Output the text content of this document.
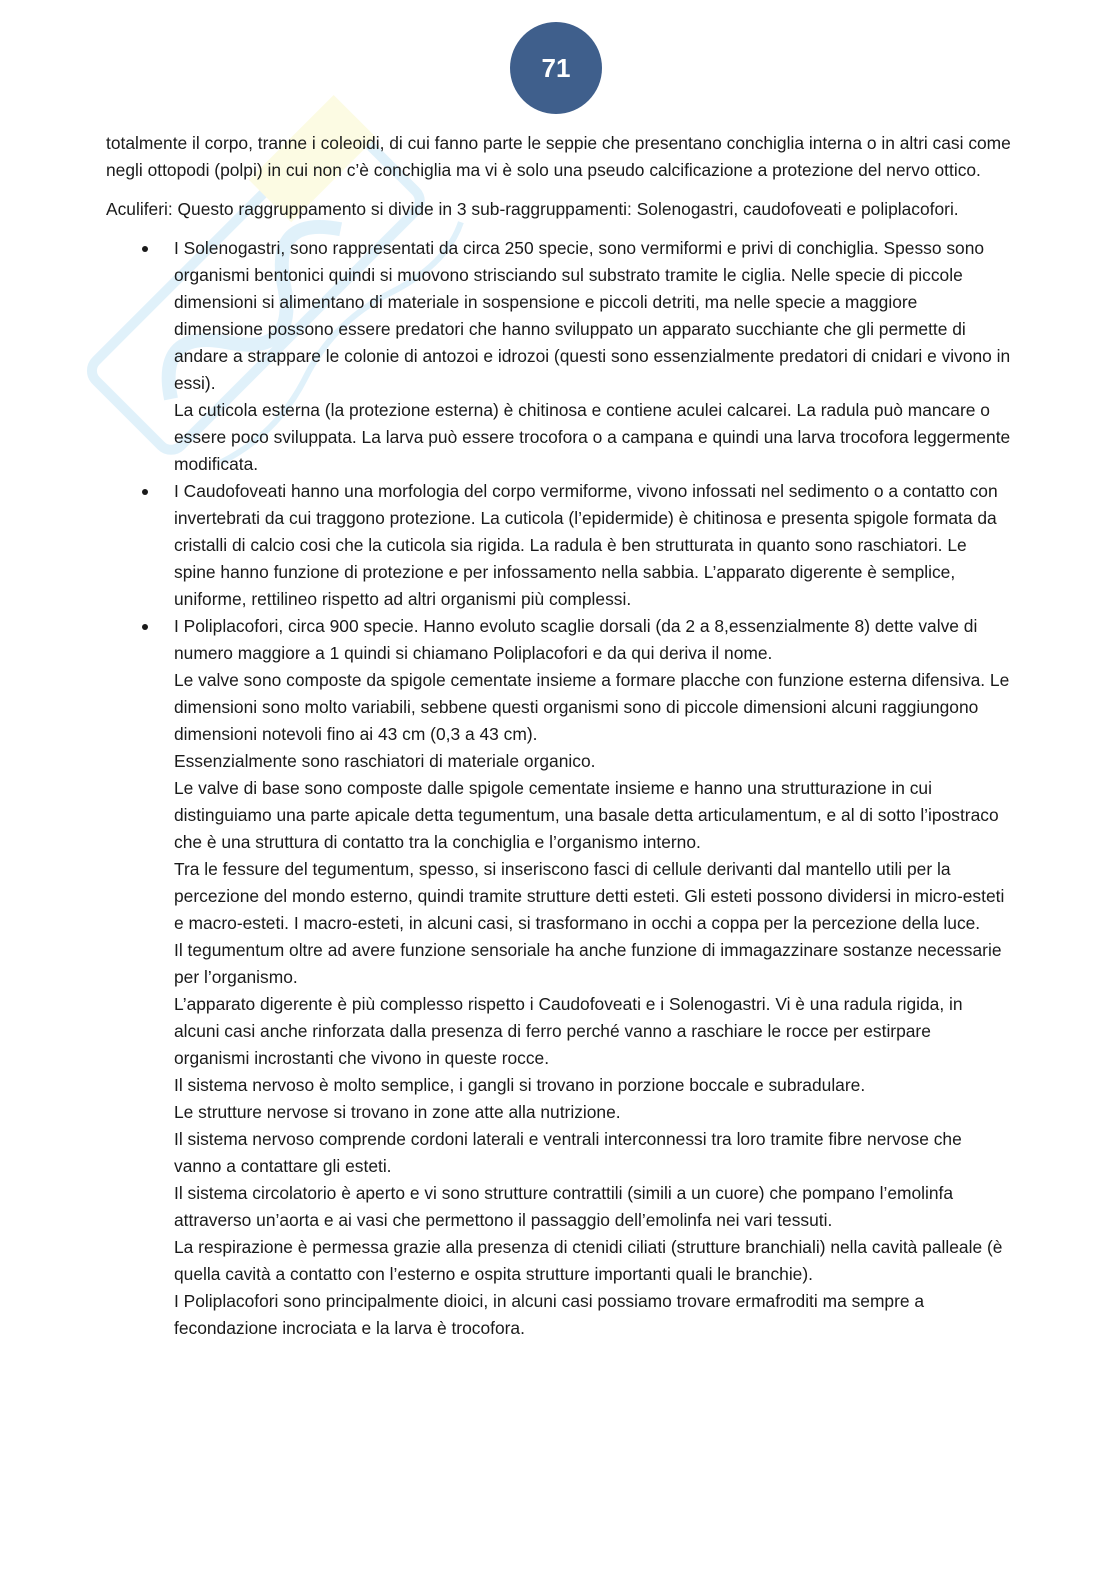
71

totalmente il corpo, tranne i coleoidi, di cui fanno parte le seppie che presentano conchiglia interna o in altri casi come negli ottopodi (polpi) in cui non c’è conchiglia ma vi è solo una pseudo calcificazione a protezione del nervo ottico.

Aculiferi: Questo raggruppamento si divide in 3 sub-raggruppamenti: Solenogastri, caudofoveati e poliplacofori.

I Solenogastri, sono rappresentati da circa 250 specie, sono vermiformi e privi di conchiglia. Spesso sono organismi bentonici quindi si muovono strisciando sul substrato tramite le ciglia. Nelle specie di piccole dimensioni si alimentano di materiale in sospensione e piccoli detriti, ma nelle specie a maggiore dimensione possono essere predatori che hanno sviluppato un apparato succhiante che gli permette di andare a strappare le colonie di antozoi e idrozoi (questi sono essenzialmente predatori di cnidari e vivono in essi).
La cuticola esterna (la protezione esterna) è chitinosa e contiene aculei calcarei. La radula può mancare o essere poco sviluppata. La larva può essere trocofora o a campana e quindi una larva trocofora leggermente modificata.
I Caudofoveati hanno una morfologia del corpo vermiforme, vivono infossati nel sedimento o a contatto con invertebrati da cui traggono protezione. La cuticola (l’epidermide) è chitinosa e presenta spigole formata da cristalli di calcio cosi che la cuticola sia rigida. La radula è ben strutturata in quanto sono raschiatori. Le spine hanno funzione di protezione e per infossamento nella sabbia. L’apparato digerente è semplice, uniforme, rettilineo rispetto ad altri organismi più complessi.
I Poliplacofori, circa 900 specie. Hanno evoluto scaglie dorsali (da 2 a 8,essenzialmente 8) dette valve di numero maggiore a 1 quindi si chiamano Poliplacofori e da qui deriva il nome.
Le valve sono composte da spigole cementate insieme a formare placche con funzione esterna difensiva. Le dimensioni sono molto variabili, sebbene questi organismi sono di piccole dimensioni alcuni raggiungono dimensioni notevoli fino ai 43 cm (0,3 a 43 cm).
Essenzialmente sono raschiatori di materiale organico.
Le valve di base sono composte dalle spigole cementate insieme e hanno una strutturazione in cui distinguiamo una parte apicale detta tegumentum, una basale detta articulamentum, e al di sotto l’ipostraco che è una struttura di contatto tra la conchiglia e l’organismo interno.
Tra le fessure del tegumentum, spesso, si inseriscono fasci di cellule derivanti dal mantello utili per la percezione del mondo esterno, quindi tramite strutture detti esteti. Gli esteti possono dividersi in micro-esteti e macro-esteti. I macro-esteti, in alcuni casi, si trasformano in occhi a coppa per la percezione della luce.
Il tegumentum oltre ad avere funzione sensoriale ha anche funzione di immagazzinare sostanze necessarie per l’organismo.
L’apparato digerente è più complesso rispetto i Caudofoveati e i Solenogastri. Vi è una radula rigida, in alcuni casi anche rinforzata dalla presenza di ferro perché vanno a raschiare le rocce per estirpare organismi incrostanti che vivono in queste rocce.
Il sistema nervoso è molto semplice, i gangli si trovano in porzione boccale e subradulare.
Le strutture nervose si trovano in zone atte alla nutrizione.
Il sistema nervoso comprende cordoni laterali e ventrali interconnessi tra loro tramite fibre nervose che vanno a contattare gli esteti.
Il sistema circolatorio è aperto e vi sono strutture contrattili (simili a un cuore) che pompano l’emolinfa attraverso un’aorta e ai vasi che permettono il passaggio dell’emolinfa nei vari tessuti.
La respirazione è permessa grazie alla presenza di ctenidi ciliati (strutture branchiali) nella cavità palleale (è quella cavità a contatto con l’esterno e ospita strutture importanti quali le branchie).
I Poliplacofori sono principalmente dioici, in alcuni casi possiamo trovare ermafroditi ma sempre a fecondazione incrociata e la larva è trocofora.
